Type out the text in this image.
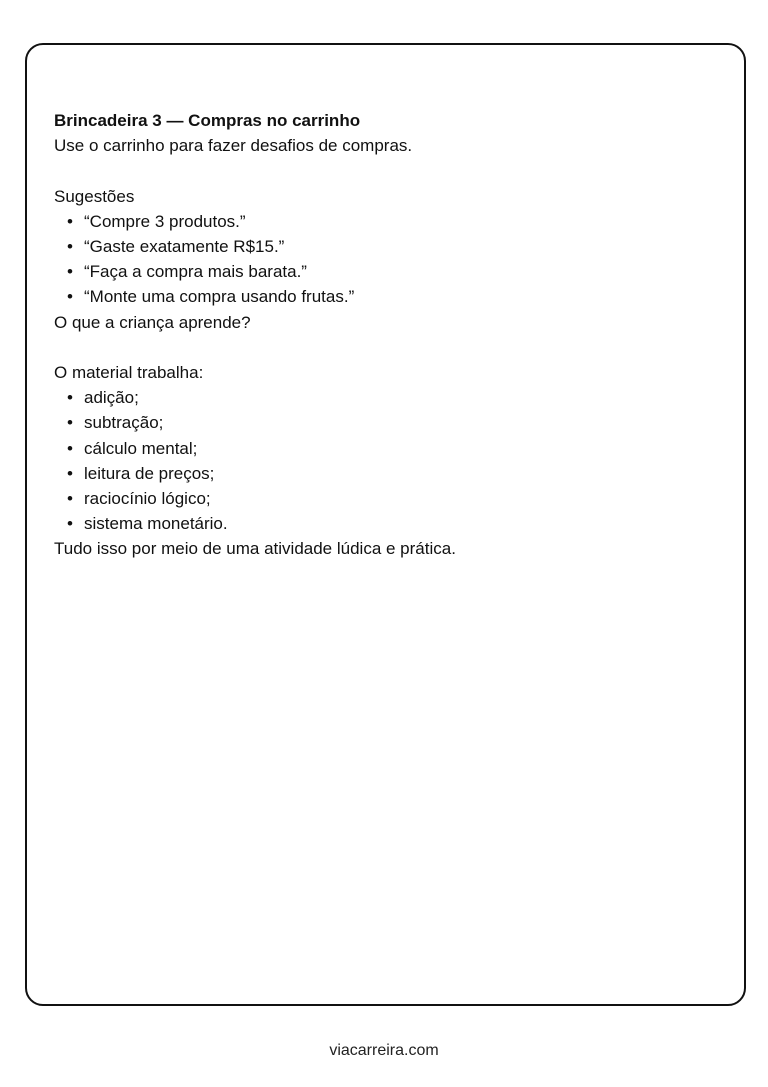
Brincadeira 3 — Compras no carrinho

Use o carrinho para fazer desafios de compras.

Sugestões

• “Compre 3 produtos.”
• “Gaste exatamente R$15.”
• “Faça a compra mais barata.”
• “Monte uma compra usando frutas.”

O que a criança aprende?

O material trabalha:

• adição;
• subtração;
• cálculo mental;
• leitura de preços;
• raciocínio lógico;
• sistema monetário.

Tudo isso por meio de uma atividade lúdica e prática.

viacarreira.com
